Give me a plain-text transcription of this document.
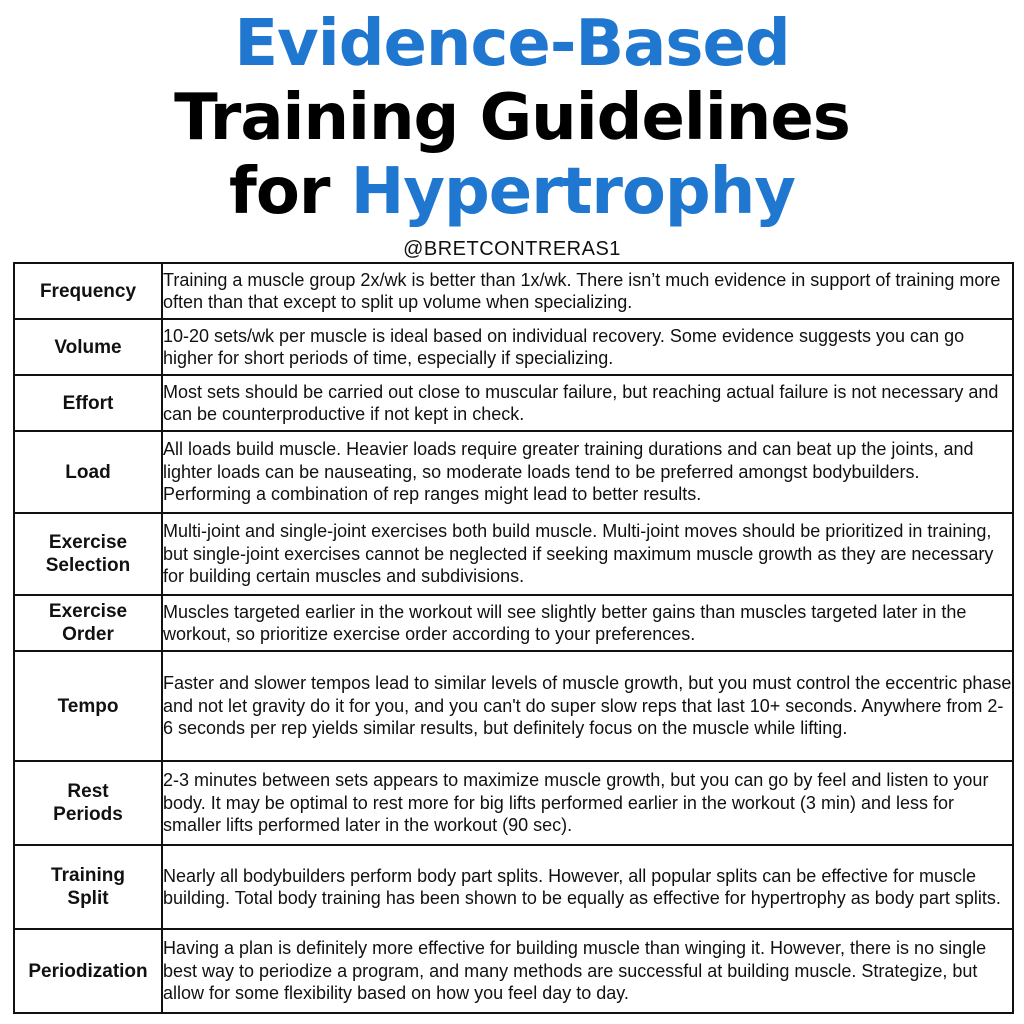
Evidence-Based
Training Guidelines
for Hypertrophy
@BRETCONTRERAS1
Frequency	Training a muscle group 2x/wk is better than 1x/wk. There isn’t much evidence in support of training more often than that except to split up volume when specializing.
Volume	10-20 sets/wk per muscle is ideal based on individual recovery. Some evidence suggests you can go higher for short periods of time, especially if specializing.
Effort	Most sets should be carried out close to muscular failure, but reaching actual failure is not necessary and can be counterproductive if not kept in check.
Load	All loads build muscle. Heavier loads require greater training durations and can beat up the joints, and lighter loads can be nauseating, so moderate loads tend to be preferred amongst bodybuilders. Performing a combination of rep ranges might lead to better results.
Exercise
Selection	Multi-joint and single-joint exercises both build muscle. Multi-joint moves should be prioritized in training, but single-joint exercises cannot be neglected if seeking maximum muscle growth as they are necessary for building certain muscles and subdivisions.
Exercise
Order	Muscles targeted earlier in the workout will see slightly better gains than muscles targeted later in the workout, so prioritize exercise order according to your preferences.
Tempo	Faster and slower tempos lead to similar levels of muscle growth, but you must control the eccentric phase and not let gravity do it for you, and you can't do super slow reps that last 10+ seconds. Anywhere from 2-6 seconds per rep yields similar results, but definitely focus on the muscle while lifting.
Rest
Periods	2-3 minutes between sets appears to maximize muscle growth, but you can go by feel and listen to your body. It may be optimal to rest more for big lifts performed earlier in the workout (3 min) and less for smaller lifts performed later in the workout (90 sec).
Training
Split	Nearly all bodybuilders perform body part splits. However, all popular splits can be effective for muscle building. Total body training has been shown to be equally as effective for hypertrophy as body part splits.
Periodization	Having a plan is definitely more effective for building muscle than winging it. However, there is no single best way to periodize a program, and many methods are successful at building muscle. Strategize, but allow for some flexibility based on how you feel day to day.
